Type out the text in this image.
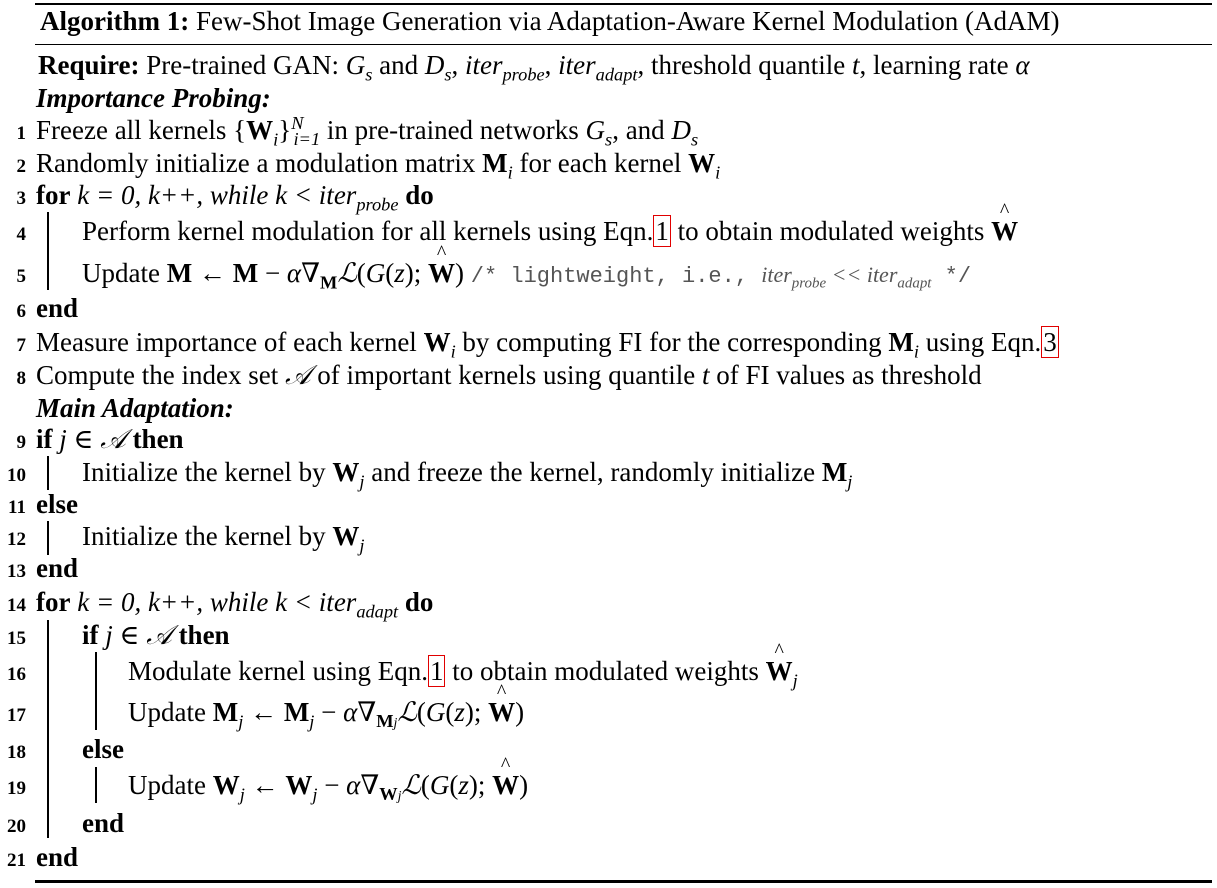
Algorithm 1: Few-Shot Image Generation via Adaptation-Aware Kernel Modulation (AdAM)
Require: Pre-trained GAN: $G_s$ and $D_s$, iter$_{probe}$, iter$_{adapt}$, threshold quantile t, learning rate α
Importance Probing:
1 Freeze all kernels $\{W_i\}^N_{i=1}$ in pre-trained networks $G_s$, and $D_s$
2 Randomly initialize a modulation matrix $M_i$ for each kernel $W_i$
3 for k = 0, k++, while k < iter$_{probe}$ do
4 Perform kernel modulation for all kernels using Eqn.1 to obtain modulated weights ^ W
5 Update M ← $M - \alpha\nabla_Mℒ(G(z)$; ^ W) /* lightweight, i.e., iter$_{probe}$ << iter$_{adapt}$ */
6 end
7 Measure importance of each kernel $W_i$ by computing FI for the corresponding $M_i$ using Eqn.3
8 Compute the index set 𝒜 of important kernels using quantile t of FI values as threshold
Main Adaptation:
9 if j ∈ 𝒜 then
10 Initialize the kernel by $W_j$ and freeze the kernel, randomly initialize $M_j$
11 else
12 Initialize the kernel by $W_j$
13 end
14 for k = 0, k++, while k < iter$_{adapt}$ do
15 if j ∈ 𝒜 then
16	Modulate kernel using Eqn.1 to obtain modulated weights ^ $W_j$
17	Update $M_j$ ← $M_j$ − $\alpha\nabla_{Mj}ℒ(G(z)$; ^ W)
18 else
19	Update $W_j$ ← $W_j$ − $\alpha\nabla_{Wj}ℒ(G(z)$; ^ W)
20 end
21 end
